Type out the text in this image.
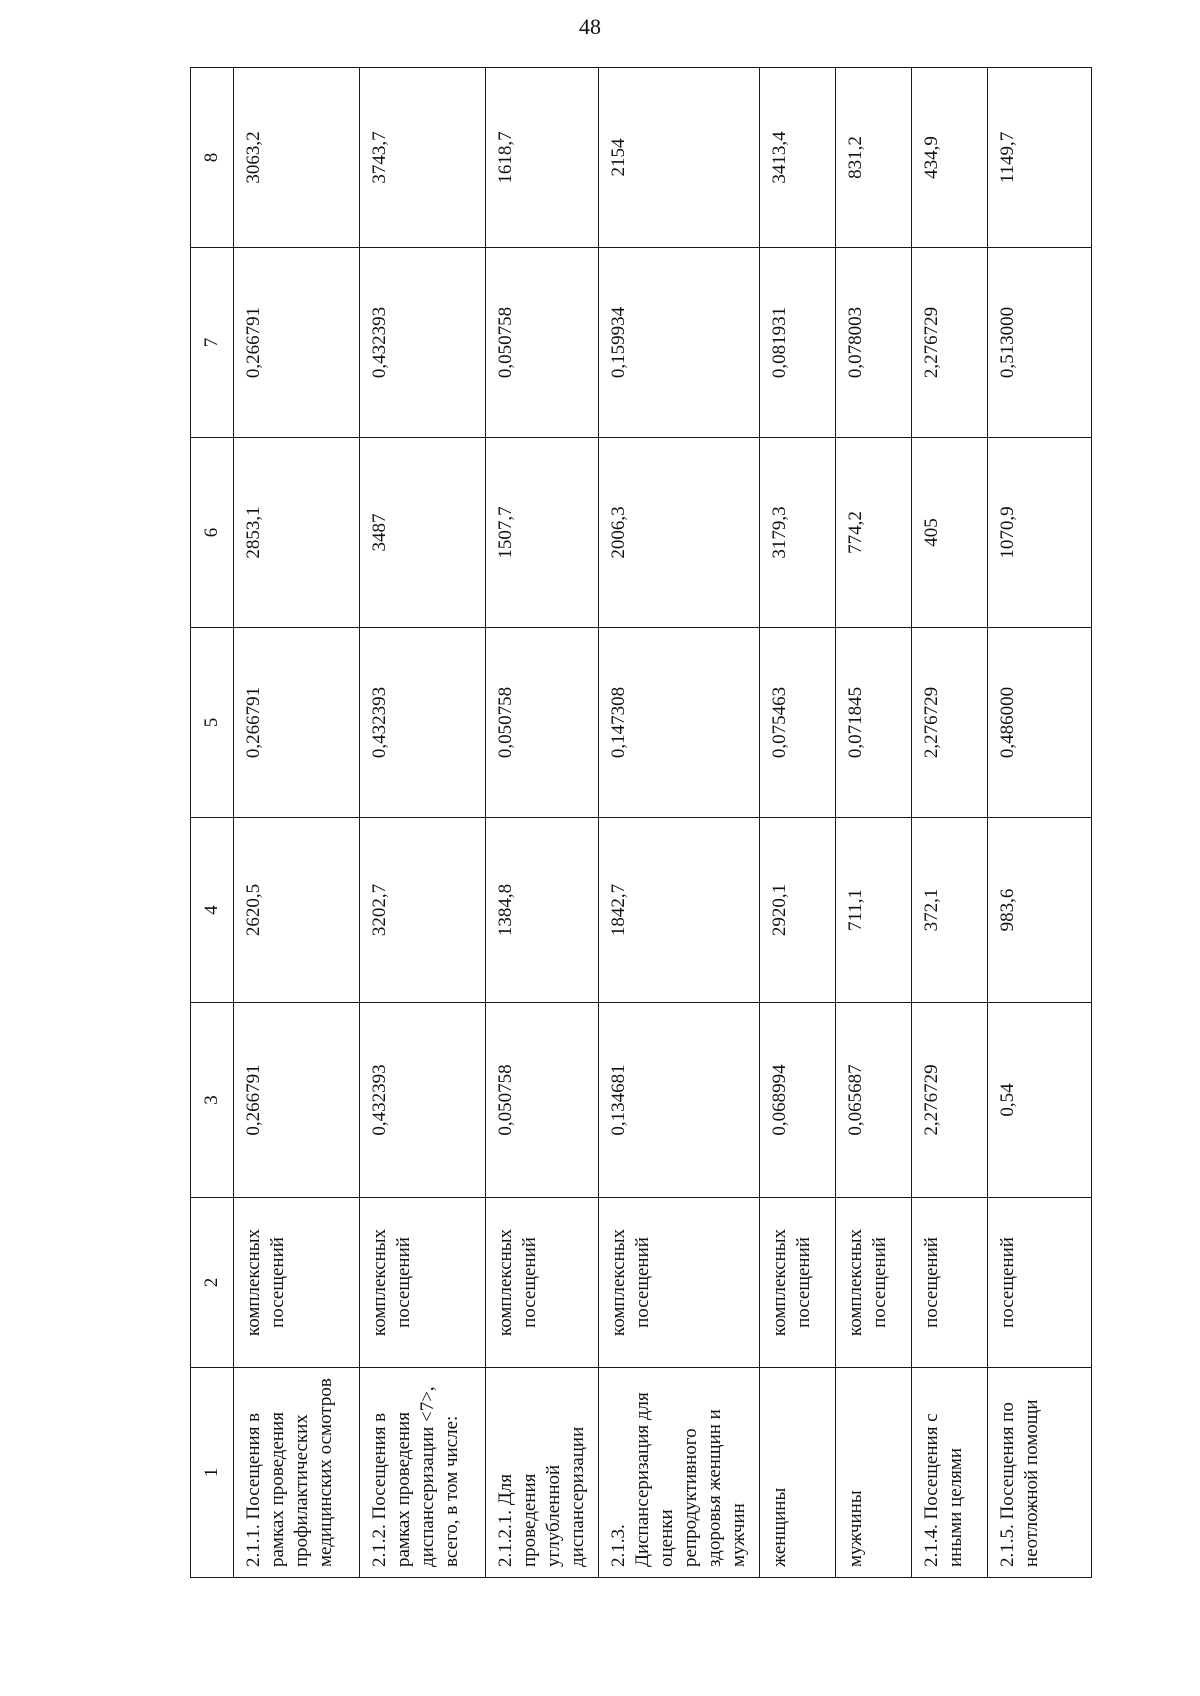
48
1	2	3	4	5	6	7	8
2.1.1. Посещения в рамках проведения профилактических медицинских осмотров	комплексных посещений	0,266791	2620,5	0,266791	2853,1	0,266791	3063,2
2.1.2. Посещения в рамках проведения диспансеризации <7>, всего, в том числе:	комплексных посещений	0,432393	3202,7	0,432393	3487	0,432393	3743,7
2.1.2.1. Для проведения углубленной диспансеризации	комплексных посещений	0,050758	1384,8	0,050758	1507,7	0,050758	1618,7
2.1.3. Диспансеризация для оценки репродуктивного здоровья женщин и мужчин	комплексных посещений	0,134681	1842,7	0,147308	2006,3	0,159934	2154
женщины	комплексных посещений	0,068994	2920,1	0,075463	3179,3	0,081931	3413,4
мужчины	комплексных посещений	0,065687	711,1	0,071845	774,2	0,078003	831,2
2.1.4. Посещения с иными целями	посещений	2,276729	372,1	2,276729	405	2,276729	434,9
2.1.5. Посещения по неотложной помощи	посещений	0,54	983,6	0,486000	1070,9	0,513000	1149,7
